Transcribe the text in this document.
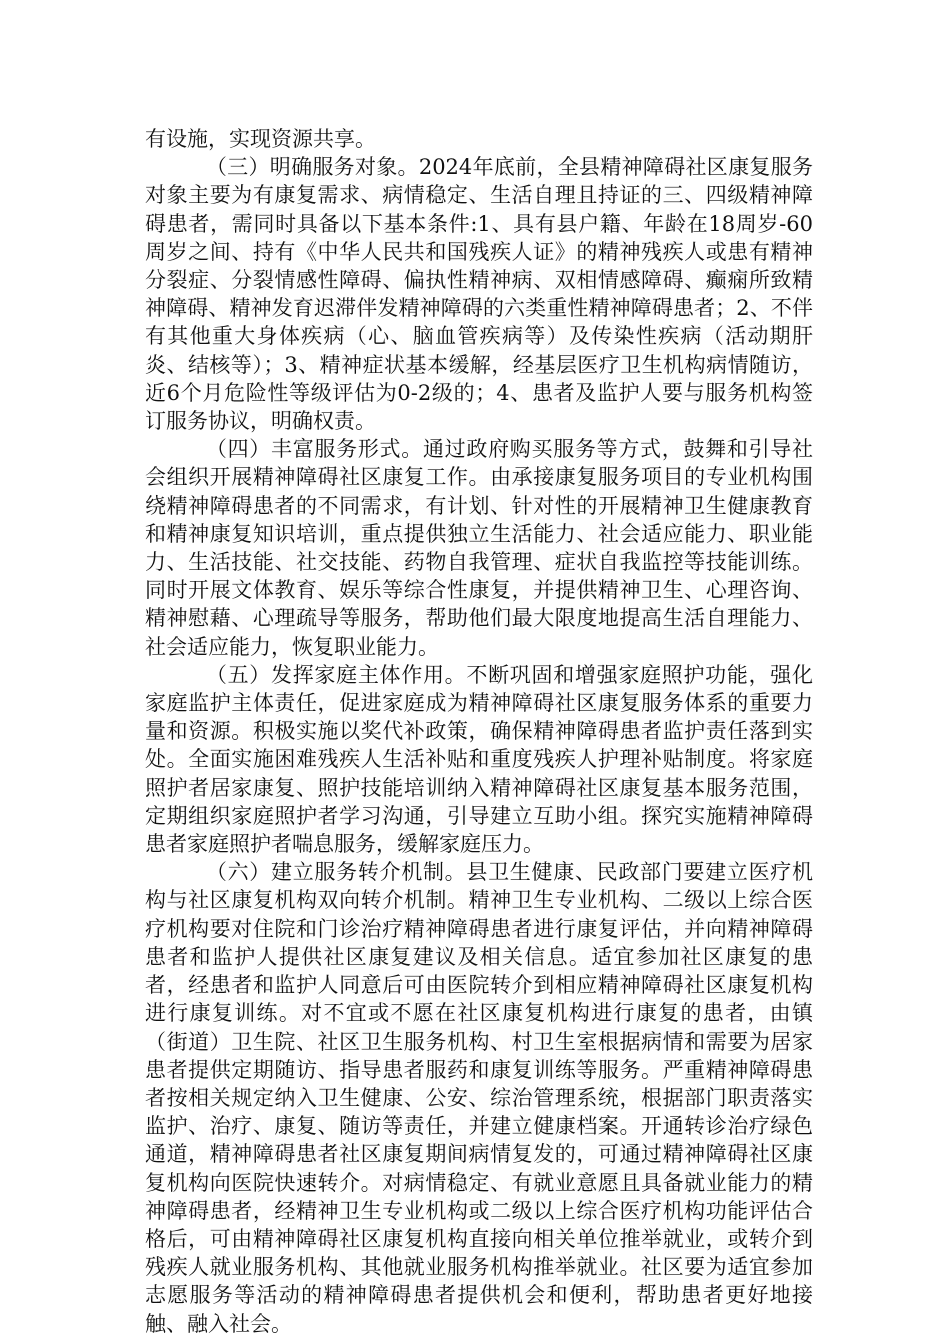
有设施，实现资源共享。

（三）明确服务对象。2024年底前，全县精神障碍社区康复服务对象主要为有康复需求、病情稳定、生活自理且持证的三、四级精神障碍患者，需同时具备以下基本条件:1、具有县户籍、年龄在18周岁-60周岁之间、持有《中华人民共和国残疾人证》的精神残疾人或患有精神分裂症、分裂情感性障碍、偏执性精神病、双相情感障碍、癫痫所致精神障碍、精神发育迟滞伴发精神障碍的六类重性精神障碍患者；2、不伴有其他重大身体疾病（心、脑血管疾病等）及传染性疾病（活动期肝炎、结核等）；3、精神症状基本缓解，经基层医疗卫生机构病情随访，近6个月危险性等级评估为0-2级的；4、患者及监护人要与服务机构签订服务协议，明确权责。

（四）丰富服务形式。通过政府购买服务等方式，鼓舞和引导社会组织开展精神障碍社区康复工作。由承接康复服务项目的专业机构围绕精神障碍患者的不同需求，有计划、针对性的开展精神卫生健康教育和精神康复知识培训，重点提供独立生活能力、社会适应能力、职业能力、生活技能、社交技能、药物自我管理、症状自我监控等技能训练。同时开展文体教育、娱乐等综合性康复，并提供精神卫生、心理咨询、精神慰藉、心理疏导等服务，帮助他们最大限度地提高生活自理能力、社会适应能力，恢复职业能力。

（五）发挥家庭主体作用。不断巩固和增强家庭照护功能，强化家庭监护主体责任，促进家庭成为精神障碍社区康复服务体系的重要力量和资源。积极实施以奖代补政策，确保精神障碍患者监护责任落到实处。全面实施困难残疾人生活补贴和重度残疾人护理补贴制度。将家庭照护者居家康复、照护技能培训纳入精神障碍社区康复基本服务范围，定期组织家庭照护者学习沟通，引导建立互助小组。探究实施精神障碍患者家庭照护者喘息服务，缓解家庭压力。

（六）建立服务转介机制。县卫生健康、民政部门要建立医疗机构与社区康复机构双向转介机制。精神卫生专业机构、二级以上综合医疗机构要对住院和门诊治疗精神障碍患者进行康复评估，并向精神障碍患者和监护人提供社区康复建议及相关信息。适宜参加社区康复的患者，经患者和监护人同意后可由医院转介到相应精神障碍社区康复机构进行康复训练。对不宜或不愿在社区康复机构进行康复的患者，由镇（街道）卫生院、社区卫生服务机构、村卫生室根据病情和需要为居家患者提供定期随访、指导患者服药和康复训练等服务。严重精神障碍患者按相关规定纳入卫生健康、公安、综治管理系统，根据部门职责落实监护、治疗、康复、随访等责任，并建立健康档案。开通转诊治疗绿色通道，精神障碍患者社区康复期间病情复发的，可通过精神障碍社区康复机构向医院快速转介。对病情稳定、有就业意愿且具备就业能力的精神障碍患者，经精神卫生专业机构或二级以上综合医疗机构功能评估合格后，可由精神障碍社区康复机构直接向相关单位推举就业，或转介到残疾人就业服务机构、其他就业服务机构推举就业。社区要为适宜参加志愿服务等活动的精神障碍患者提供机会和便利，帮助患者更好地接触、融入社会。
